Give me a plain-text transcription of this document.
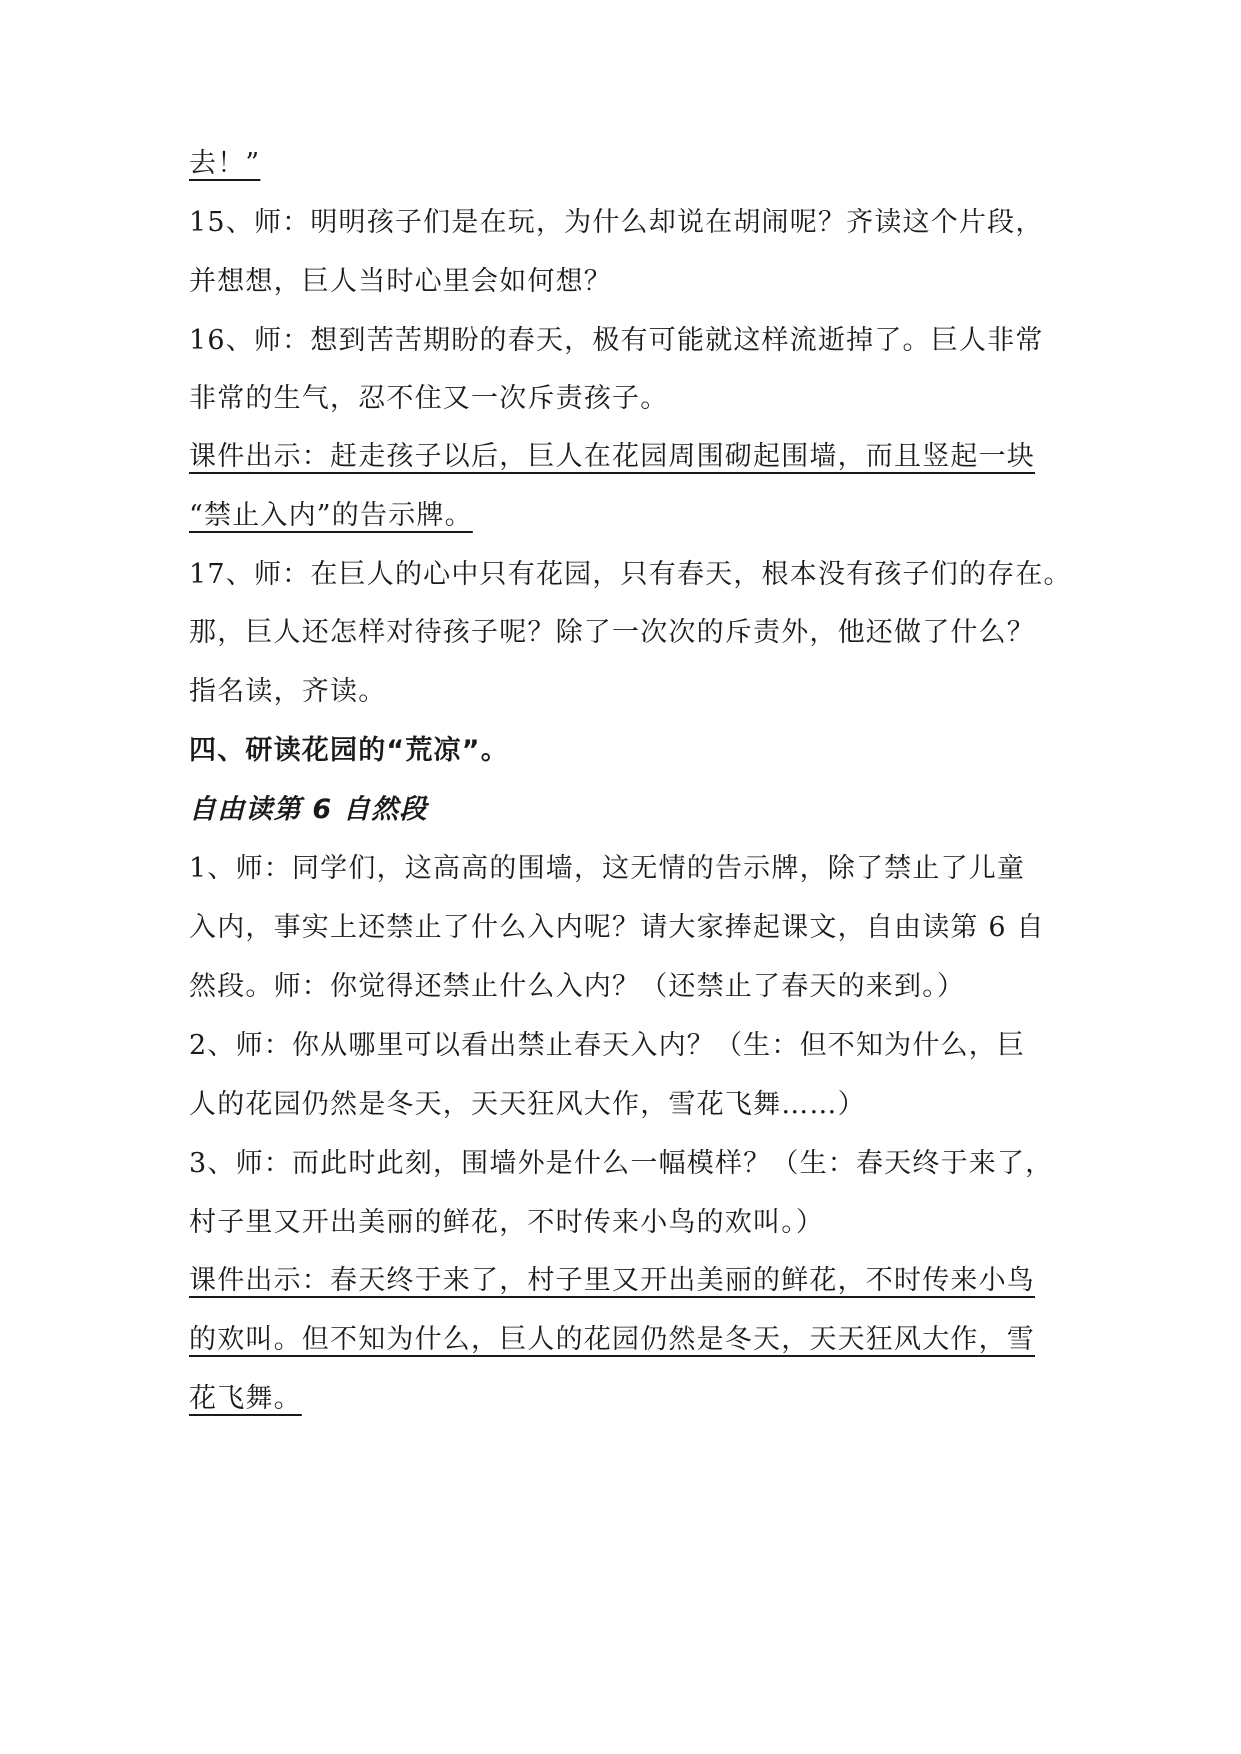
去！”
15、师：明明孩子们是在玩，为什么却说在胡闹呢？齐读这个片段，
并想想，巨人当时心里会如何想？
16、师：想到苦苦期盼的春天，极有可能就这样流逝掉了。巨人非常
非常的生气，忍不住又一次斥责孩子。
课件出示：赶走孩子以后，巨人在花园周围砌起围墙，而且竖起一块
“禁止入内”的告示牌。
17、师：在巨人的心中只有花园，只有春天，根本没有孩子们的存在。
那，巨人还怎样对待孩子呢？除了一次次的斥责外，他还做了什么？
指名读，齐读。
四、研读花园的“荒凉”。
自由读第 6 自然段
1、师：同学们，这高高的围墙，这无情的告示牌，除了禁止了儿童
入内，事实上还禁止了什么入内呢？请大家捧起课文，自由读第 6 自
然段。师：你觉得还禁止什么入内？（还禁止了春天的来到。）
2、师：你从哪里可以看出禁止春天入内？（生：但不知为什么，巨
人的花园仍然是冬天，天天狂风大作，雪花飞舞……）
3、师：而此时此刻，围墙外是什么一幅模样？（生：春天终于来了，
村子里又开出美丽的鲜花，不时传来小鸟的欢叫。）
课件出示：春天终于来了，村子里又开出美丽的鲜花，不时传来小鸟
的欢叫。但不知为什么，巨人的花园仍然是冬天，天天狂风大作，雪
花飞舞。
